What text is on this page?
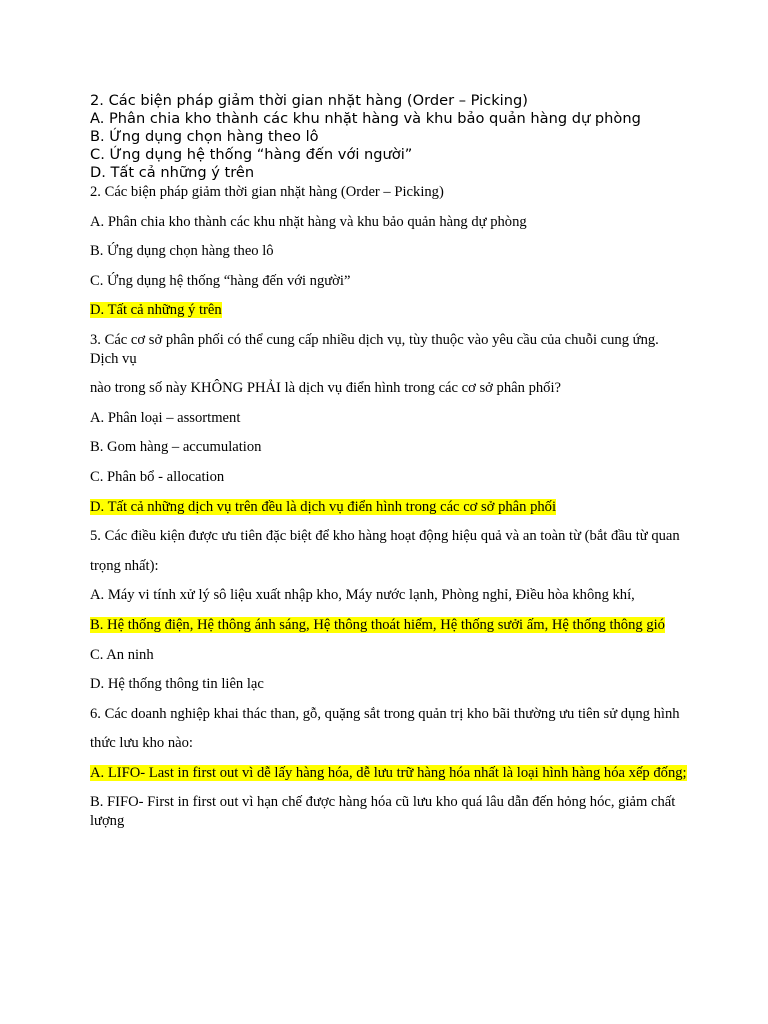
2. Các biện pháp giảm thời gian nhặt hàng (Order – Picking)
A. Phân chia kho thành các khu nhặt hàng và khu bảo quản hàng dự phòng
B. Ứng dụng chọn hàng theo lô
C. Ứng dụng hệ thống “hàng đến với người”
D. Tất cả những ý trên

2. Các biện pháp giảm thời gian nhặt hàng (Order – Picking)

A. Phân chia kho thành các khu nhặt hàng và khu bảo quản hàng dự phòng

B. Ứng dụng chọn hàng theo lô

C. Ứng dụng hệ thống “hàng đến với người”

D. Tất cả những ý trên

3. Các cơ sở phân phối có thể cung cấp nhiều dịch vụ, tùy thuộc vào yêu cầu của chuỗi cung ứng. Dịch vụ

nào trong số này KHÔNG PHẢI là dịch vụ điển hình trong các cơ sở phân phối?

A. Phân loại – assortment

B. Gom hàng – accumulation

C. Phân bổ - allocation

D. Tất cả những dịch vụ trên đều là dịch vụ điển hình trong các cơ sở phân phối

5. Các điều kiện được ưu tiên đặc biệt để kho hàng hoạt động hiệu quả và an toàn từ (bắt đầu từ quan

trọng nhất):

A. Máy vi tính xử lý sô liệu xuất nhập kho, Máy nước lạnh, Phòng nghỉ, Điều hòa không khí,

B. Hệ thống điện, Hệ thông ánh sáng, Hệ thông thoát hiểm, Hệ thống sưởi ấm, Hệ thống thông gió

C. An ninh

D. Hệ thống thông tin liên lạc

6. Các doanh nghiệp khai thác than, gỗ, quặng sắt trong quản trị kho bãi thường ưu tiên sử dụng hình

thức lưu kho nào:

A. LIFO- Last in first out vì dễ lấy hàng hóa, dễ lưu trữ hàng hóa nhất là loại hình hàng hóa xếp đống;

B. FIFO- First in first out vì hạn chế được hàng hóa cũ lưu kho quá lâu dẫn đến hỏng hóc, giảm chất lượng
